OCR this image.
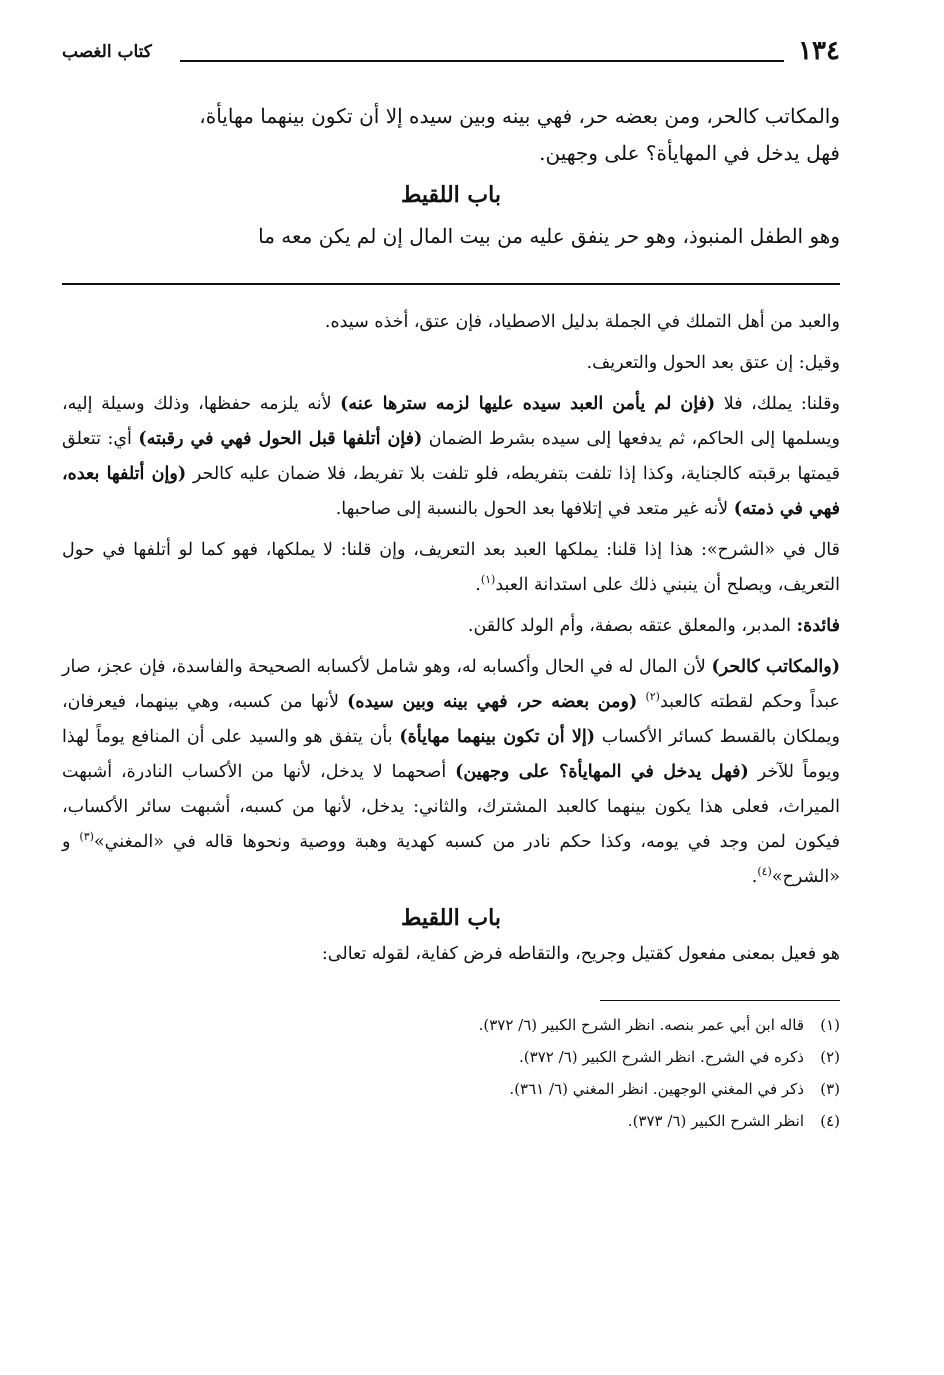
١٣٤
كتاب الغصب

والمكاتب كالحر، ومن بعضه حر، فهي بينه وبين سيده إلا أن تكون بينهما مهايأة،

فهل يدخل في المهايأة؟ على وجهين.

باب اللقيط

وهو الطفل المنبوذ، وهو حر ينفق عليه من بيت المال إن لم يكن معه ما

والعبد من أهل التملك في الجملة بدليل الاصطياد، فإن عتق، أخذه سيده.

وقيل: إن عتق بعد الحول والتعريف.

وقلنا: يملك، فلا (فإن لم يأمن العبد سيده عليها لزمه سترها عنه) لأنه يلزمه حفظها، وذلك وسيلة إليه، ويسلمها إلى الحاكم، ثم يدفعها إلى سيده بشرط الضمان (فإن أتلفها قبل الحول فهي في رقبته) أي: تتعلق قيمتها برقبته كالجناية، وكذا إذا تلفت بتفريطه، فلو تلفت بلا تفريط، فلا ضمان عليه كالحر (وإن أتلفها بعده، فهي في ذمته) لأنه غير متعد في إتلافها بعد الحول بالنسبة إلى صاحبها.

قال في «الشرح»: هذا إذا قلنا: يملكها العبد بعد التعريف، وإن قلنا: لا يملكها، فهو كما لو أتلفها في حول التعريف، ويصلح أن ينبني ذلك على استدانة العبد$^{(١)}$.

فائدة: المدبر، والمعلق عتقه بصفة، وأم الولد كالقن.

(والمكاتب كالحر) لأن المال له في الحال وأكسابه له، وهو شامل لأكسابه الصحيحة والفاسدة، فإن عجز، صار عبداً وحكم لقطته كالعبد$^{(٢)}$ (ومن بعضه حر، فهي بينه وبين سيده) لأنها من كسبه، وهي بينهما، فيعرفان، ويملكان بالقسط كسائر الأكساب (إلا أن تكون بينهما مهايأة) بأن يتفق هو والسيد على أن المنافع يوماً لهذا ويوماً للآخر (فهل يدخل في المهايأة؟ على وجهين) أصحهما لا يدخل، لأنها من الأكساب النادرة، أشبهت الميراث، فعلى هذا يكون بينهما كالعبد المشترك، والثاني: يدخل، لأنها من كسبه، أشبهت سائر الأكساب، فيكون لمن وجد في يومه، وكذا حكم نادر من كسبه كهدية وهبة ووصية ونحوها قاله في «المغني»$^{(٣)}$ و «الشرح»$^{(٤)}$.

باب اللقيط

هو فعيل بمعنى مفعول كقتيل وجريح، والتقاطه فرض كفاية، لقوله تعالى:

(١)قاله ابن أبي عمر بنصه. انظر الشرح الكبير (٦/ ٣٧٢).
(٢)ذكره في الشرح. انظر الشرح الكبير (٦/ ٣٧٢).
(٣)ذكر في المغني الوجهين. انظر المغني (٦/ ٣٦١).
(٤)انظر الشرح الكبير (٦/ ٣٧٣).
